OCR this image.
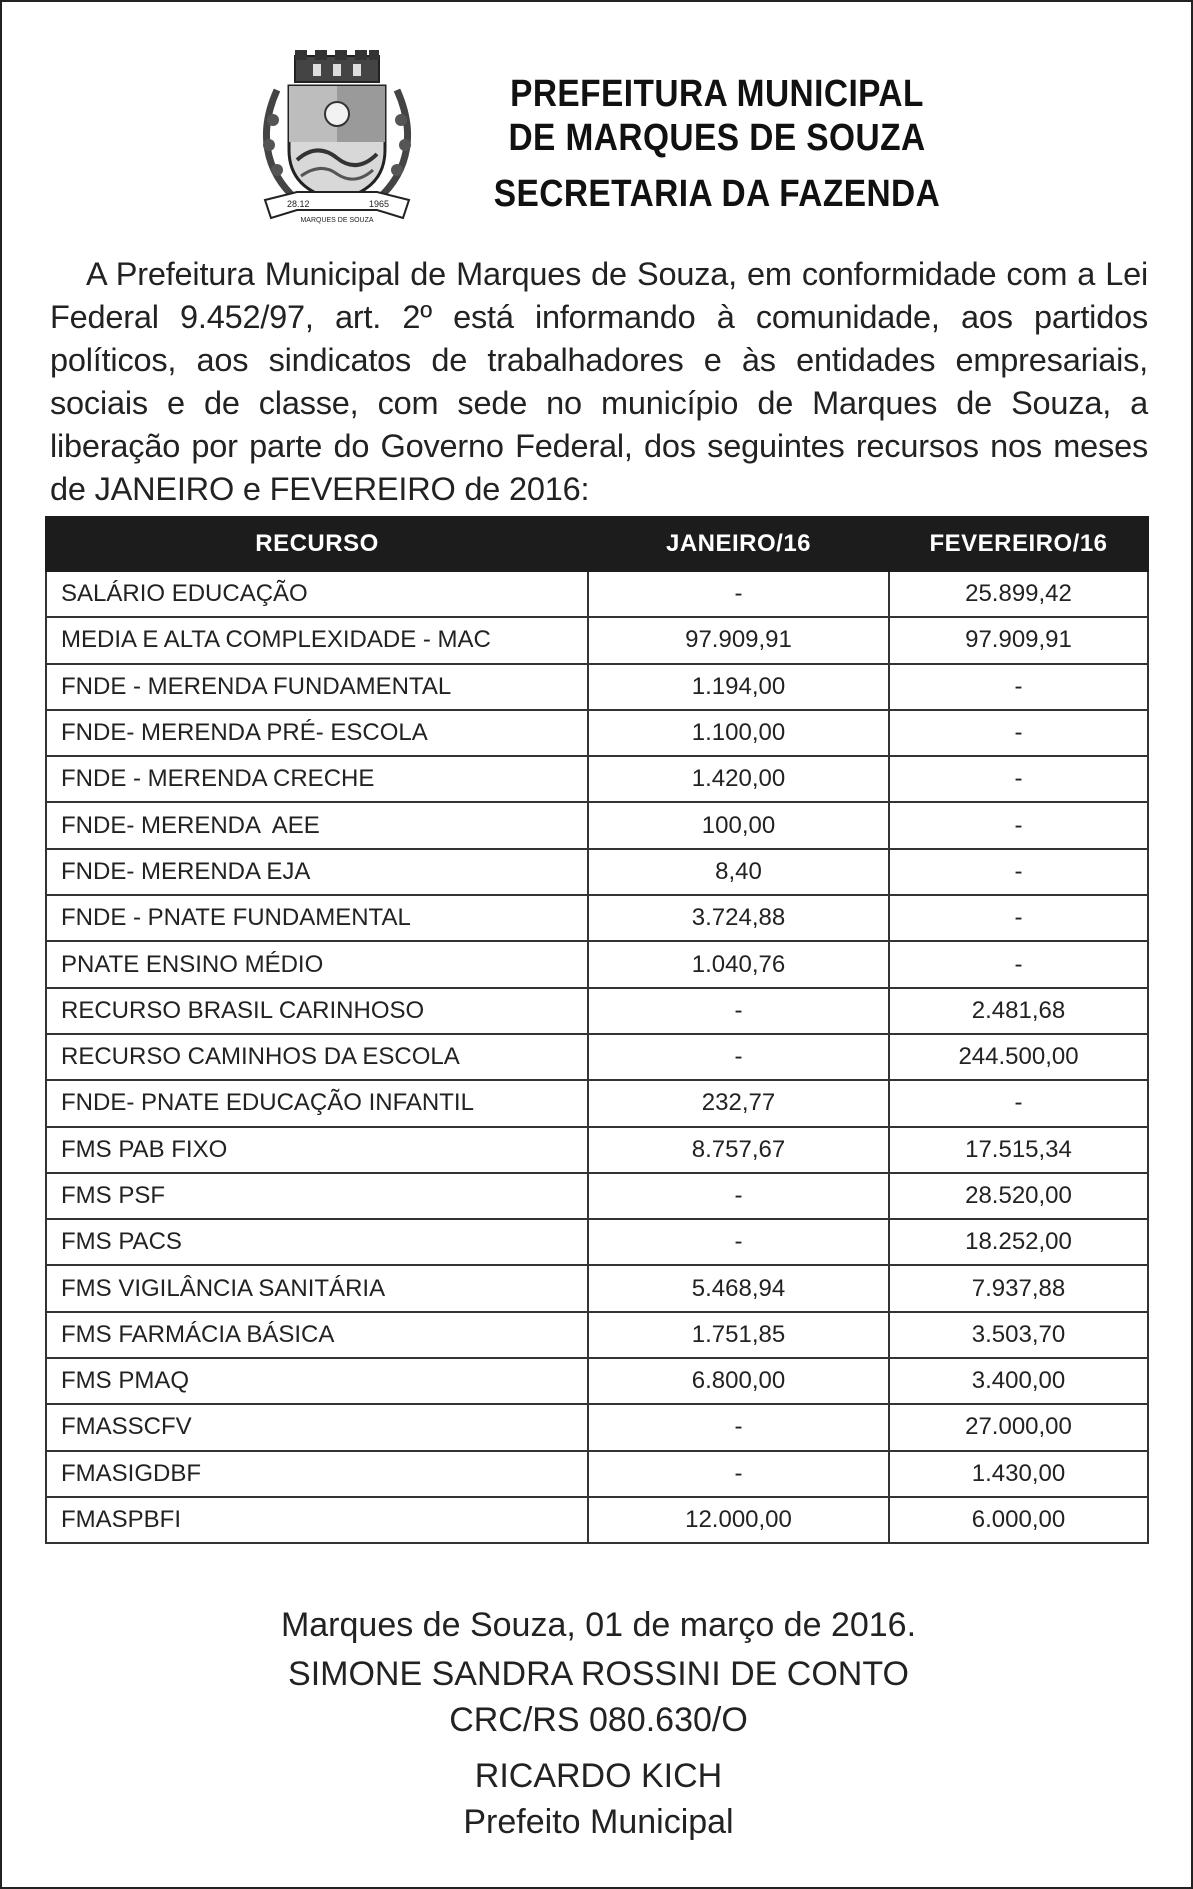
28.12	1965
MARQUES DE SOUZA
PREFEITURA MUNICIPAL
DE MARQUES DE SOUZA
SECRETARIA DA FAZENDA

A Prefeitura Municipal de Marques de Souza, em conformidade com a Lei Federal 9.452/97, art. 2º está informando à comunidade, aos partidos políticos, aos sindicatos de trabalhadores e às entidades empresariais, sociais e de classe, com sede no município de Marques de Souza, a liberação por parte do Governo Federal, dos seguintes recursos nos meses de JANEIRO e FEVEREIRO de 2016:

RECURSO	JANEIRO/16	FEVEREIRO/16
SALÁRIO EDUCAÇÃO	-	25.899,42
MEDIA E ALTA COMPLEXIDADE - MAC	97.909,91	97.909,91
FNDE - MERENDA FUNDAMENTAL	1.194,00	-
FNDE- MERENDA PRÉ- ESCOLA	1.100,00	-
FNDE - MERENDA CRECHE	1.420,00	-
FNDE- MERENDA  AEE	100,00	-
FNDE- MERENDA EJA	8,40	-
FNDE - PNATE FUNDAMENTAL	3.724,88	-
PNATE ENSINO MÉDIO	1.040,76	-
RECURSO BRASIL CARINHOSO	-	2.481,68
RECURSO CAMINHOS DA ESCOLA	-	244.500,00
FNDE- PNATE EDUCAÇÃO INFANTIL	232,77	-
FMS PAB FIXO	8.757,67	17.515,34
FMS PSF	-	28.520,00
FMS PACS	-	18.252,00
FMS VIGILÂNCIA SANITÁRIA	5.468,94	7.937,88
FMS FARMÁCIA BÁSICA	1.751,85	3.503,70
FMS PMAQ	6.800,00	3.400,00
FMASSCFV	-	27.000,00
FMASIGDBF	-	1.430,00
FMASPBFI	12.000,00	6.000,00
Marques de Souza, 01 de março de 2016.
SIMONE SANDRA ROSSINI DE CONTO
CRC/RS 080.630/O
RICARDO KICH
Prefeito Municipal
